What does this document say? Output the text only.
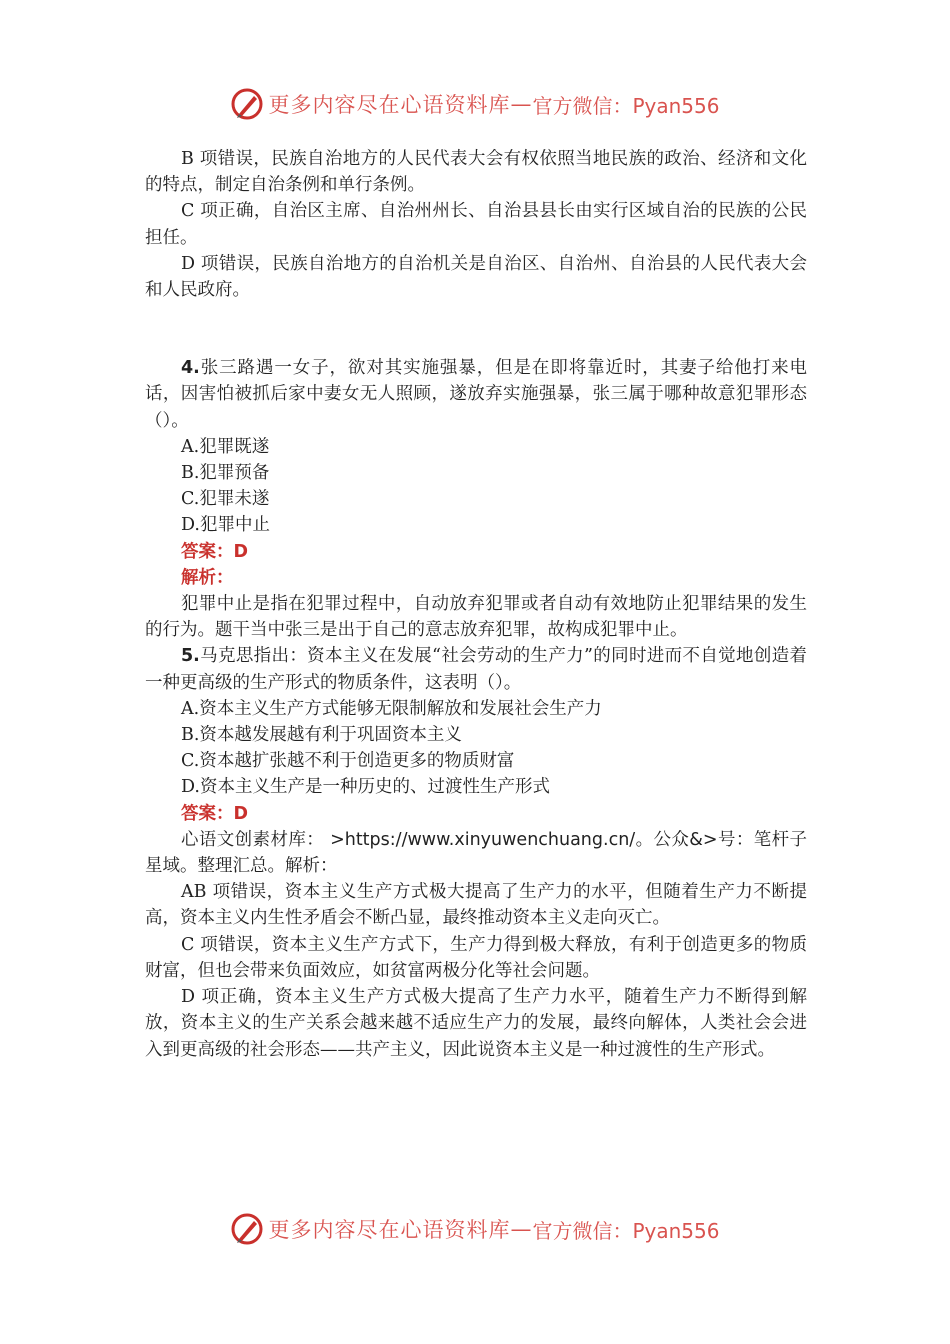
更多内容尽在心语资料库 — 官方微信：Pyan556

B 项错误，民族自治地方的人民代表大会有权依照当地民族的政治、经济和文化的特点，制定自治条例和单行条例。

C 项正确，自治区主席、自治州州长、自治县县长由实行区域自治的民族的公民担任。

D 项错误，民族自治地方的自治机关是自治区、自治州、自治县的人民代表大会和人民政府。

4.张三路遇一女子，欲对其实施强暴，但是在即将靠近时，其妻子给他打来电话，因害怕被抓后家中妻女无人照顾，遂放弃实施强暴，张三属于哪种故意犯罪形态（）。

A.犯罪既遂

B.犯罪预备

C.犯罪未遂

D.犯罪中止

答案：D

解析：

犯罪中止是指在犯罪过程中，自动放弃犯罪或者自动有效地防止犯罪结果的发生的行为。题干当中张三是出于自己的意志放弃犯罪，故构成犯罪中止。

5.马克思指出：资本主义在发展“社会劳动的生产力”的同时进而不自觉地创造着一种更高级的生产形式的物质条件，这表明（）。

A.资本主义生产方式能够无限制解放和发展社会生产力

B.资本越发展越有利于巩固资本主义

C.资本越扩张越不利于创造更多的物质财富

D.资本主义生产是一种历史的、过渡性生产形式

答案：D

心语文创素材库： >https://www.xinyuwenchuang.cn/。公众&>号：笔杆子星域。整理汇总。解析：

AB 项错误，资本主义生产方式极大提高了生产力的水平，但随着生产力不断提高，资本主义内生性矛盾会不断凸显，最终推动资本主义走向灭亡。

C 项错误，资本主义生产方式下，生产力得到极大释放，有利于创造更多的物质财富，但也会带来负面效应，如贫富两极分化等社会问题。

D 项正确，资本主义生产方式极大提高了生产力水平，随着生产力不断得到解放，资本主义的生产关系会越来越不适应生产力的发展，最终向解体，人类社会会进入到更高级的社会形态——共产主义，因此说资本主义是一种过渡性的生产形式。

更多内容尽在心语资料库 — 官方微信：Pyan556
